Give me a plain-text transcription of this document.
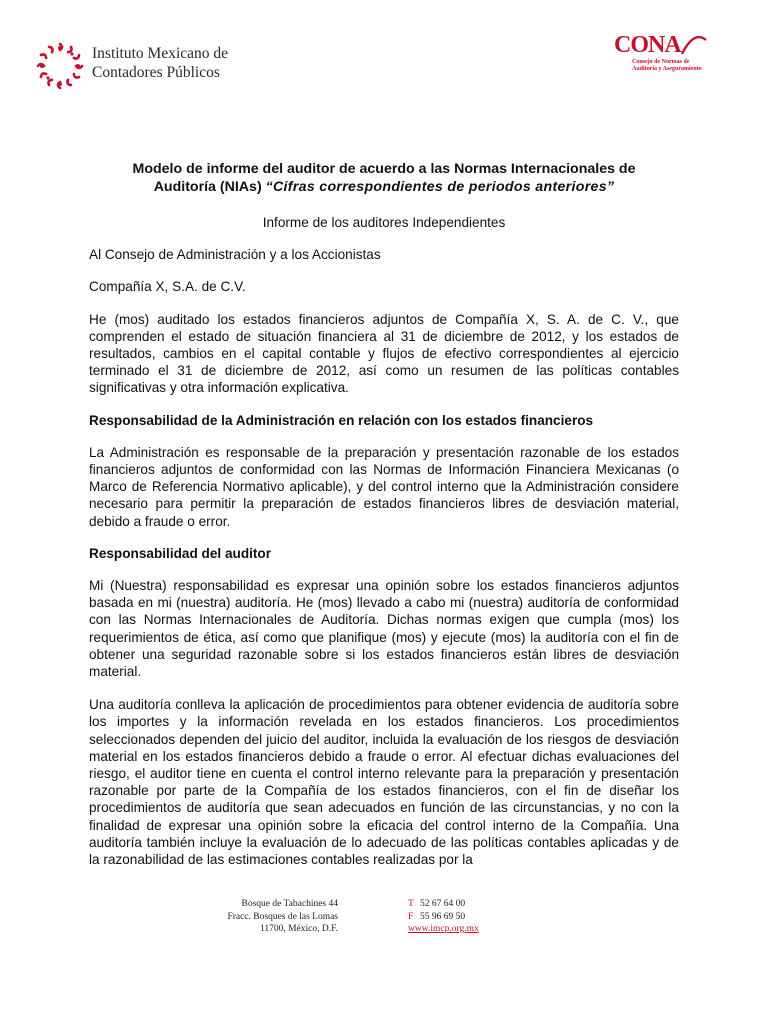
Instituto Mexicano de
Contadores Públicos
CONA
Consejo de Normas de
Auditoría y Aseguramiento
Modelo de informe del auditor de acuerdo a las Normas Internacionales de
Auditoría (NIAs) “Cifras correspondientes de periodos anteriores”

Informe de los auditores Independientes

Al Consejo de Administración y a los Accionistas

Compañía X, S.A. de C.V.

He (mos) auditado los estados financieros adjuntos de Compañía X, S. A. de C. V., que comprenden el estado de situación financiera al 31 de diciembre de 2012, y los estados de resultados, cambios en el capital contable y flujos de efectivo correspondientes al ejercicio terminado el 31 de diciembre de 2012, así como un resumen de las políticas contables significativas y otra información explicativa.

Responsabilidad de la Administración en relación con los estados financieros

La Administración es responsable de la preparación y presentación razonable de los estados financieros adjuntos de conformidad con las Normas de Información Financiera Mexicanas (o Marco de Referencia Normativo aplicable), y del control interno que la Administración considere necesario para permitir la preparación de estados financieros libres de desviación material, debido a fraude o error.

Responsabilidad del auditor

Mi (Nuestra) responsabilidad es expresar una opinión sobre los estados financieros adjuntos basada en mi (nuestra) auditoría. He (mos) llevado a cabo mi (nuestra) auditoría de conformidad con las Normas Internacionales de Auditoría. Dichas normas exigen que cumpla (mos) los requerimientos de ética, así como que planifique (mos) y ejecute (mos) la auditoría con el fin de obtener una seguridad razonable sobre si los estados financieros están libres de desviación material.

Una auditoría conlleva la aplicación de procedimientos para obtener evidencia de auditoría sobre los importes y la información revelada en los estados financieros. Los procedimientos seleccionados dependen del juicio del auditor, incluida la evaluación de los riesgos de desviación material en los estados financieros debido a fraude o error. Al efectuar dichas evaluaciones del riesgo, el auditor tiene en cuenta el control interno relevante para la preparación y presentación razonable por parte de la Compañía de los estados financieros, con el fin de diseñar los procedimientos de auditoría que sean adecuados en función de las circunstancias, y no con la finalidad de expresar una opinión sobre la eficacia del control interno de la Compañía. Una auditoría también incluye la evaluación de lo adecuado de las políticas contables aplicadas y de la razonabilidad de las estimaciones contables realizadas por la

Bosque de Tabachines 44
Fracc. Bosques de las Lomas
11700, México, D.F.
T 52 67 64 00
F 55 96 69 50
www.imcp.org.mx
